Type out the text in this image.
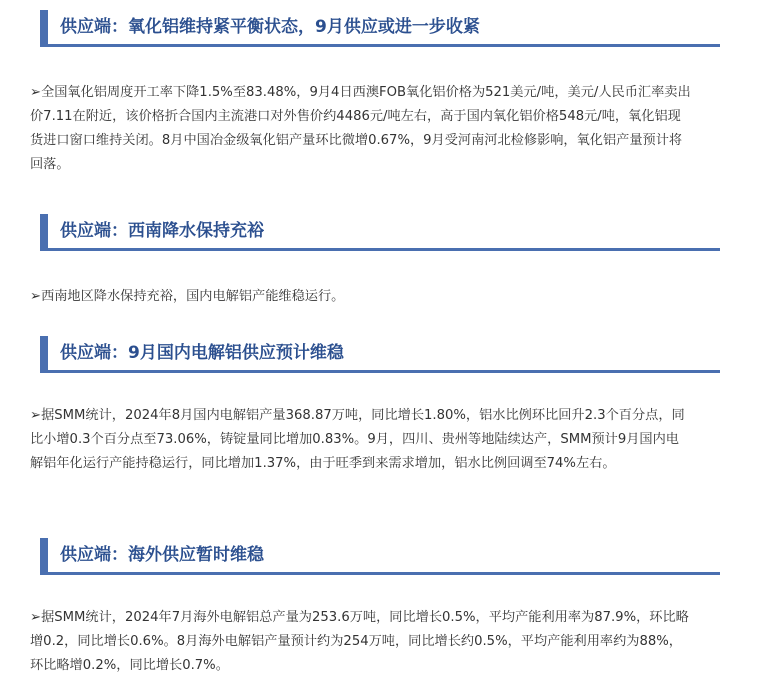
供应端：氧化铝维持紧平衡状态，9月供应或进一步收紧
➢全国氧化铝周度开工率下降1.5%至83.48%，9月4日西澳FOB氧化铝价格为521美元/吨，美元/人民币汇率卖出价7.11在附近，该价格折合国内主流港口对外售价约4486元/吨左右，高于国内氧化铝价格548元/吨，氧化铝现货进口窗口维持关闭。8月中国冶金级氧化铝产量环比微增0.67%，9月受河南河北检修影响，氧化铝产量预计将回落。
供应端：西南降水保持充裕
➢西南地区降水保持充裕，国内电解铝产能维稳运行。
供应端：9月国内电解铝供应预计维稳
➢据SMM统计，2024年8月国内电解铝产量368.87万吨，同比增长1.80%，铝水比例环比回升2.3个百分点，同比小增0.3个百分点至73.06%，铸锭量同比增加0.83%。9月，四川、贵州等地陆续达产，SMM预计9月国内电解铝年化运行产能持稳运行，同比增加1.37%，由于旺季到来需求增加，铝水比例回调至74%左右。
供应端：海外供应暂时维稳
➢据SMM统计，2024年7月海外电解铝总产量为253.6万吨，同比增长0.5%，平均产能利用率为87.9%，环比略增0.2，同比增长0.6%。8月海外电解铝产量预计约为254万吨，同比增长约0.5%，平均产能利用率约为88%，环比略增0.2%，同比增长0.7%。
